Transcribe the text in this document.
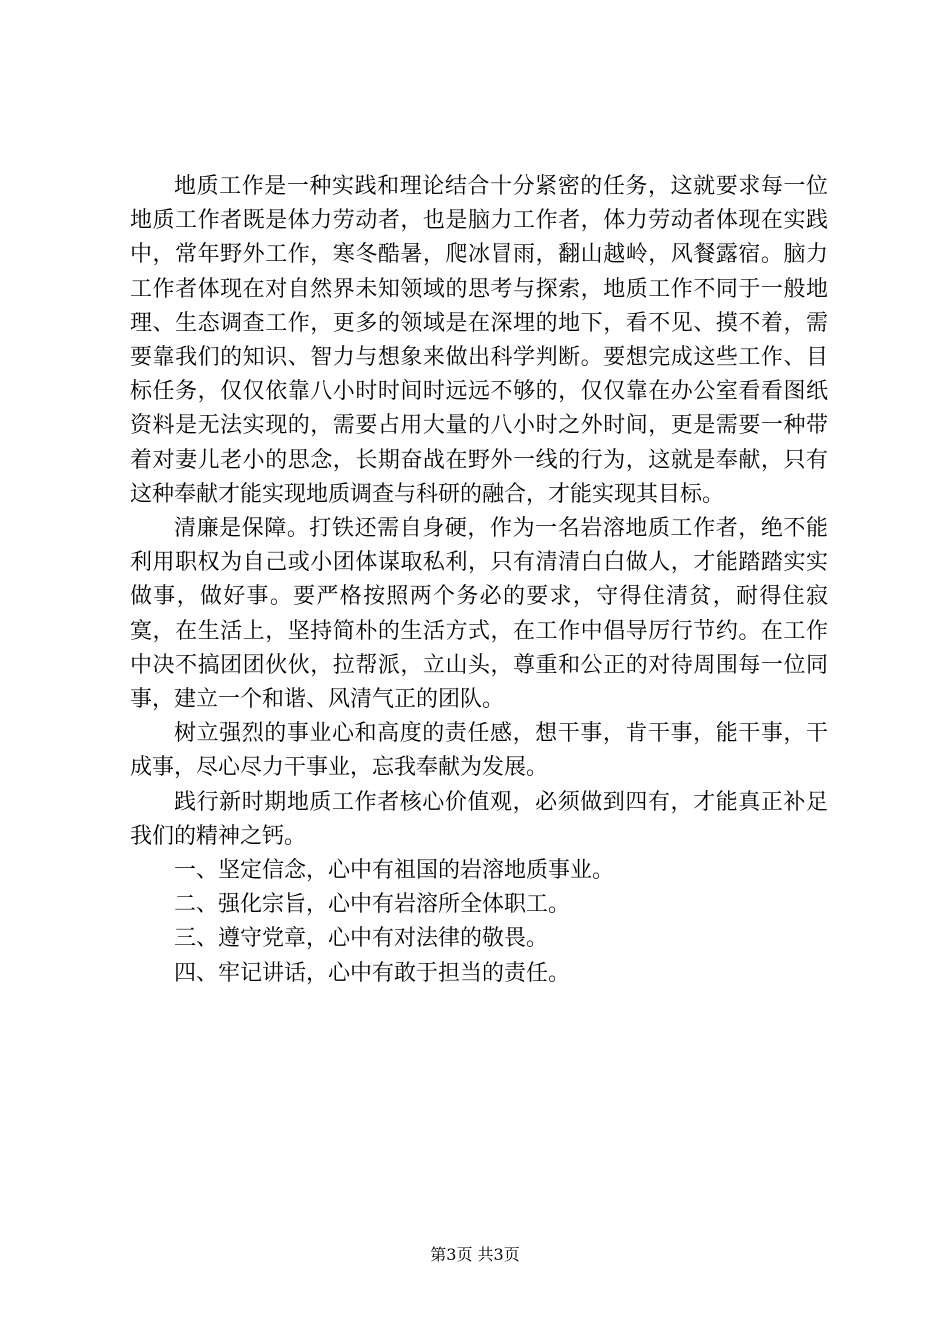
地质工作是一种实践和理论结合十分紧密的任务，这就要求每一位地质工作者既是体力劳动者，也是脑力工作者，体力劳动者体现在实践中，常年野外工作，寒冬酷暑，爬冰冒雨，翻山越岭，风餐露宿。脑力工作者体现在对自然界未知领域的思考与探索，地质工作不同于一般地理、生态调查工作，更多的领域是在深埋的地下，看不见、摸不着，需要靠我们的知识、智力与想象来做出科学判断。要想完成这些工作、目标任务，仅仅依靠八小时时间时远远不够的，仅仅靠在办公室看看图纸资料是无法实现的，需要占用大量的八小时之外时间，更是需要一种带着对妻儿老小的思念，长期奋战在野外一线的行为，这就是奉献，只有这种奉献才能实现地质调查与科研的融合，才能实现其目标。

清廉是保障。打铁还需自身硬，作为一名岩溶地质工作者，绝不能利用职权为自己或小团体谋取私利，只有清清白白做人，才能踏踏实实做事，做好事。要严格按照两个务必的要求，守得住清贫，耐得住寂寞，在生活上，坚持简朴的生活方式，在工作中倡导厉行节约。在工作中决不搞团团伙伙，拉帮派，立山头，尊重和公正的对待周围每一位同事，建立一个和谐、风清气正的团队。

树立强烈的事业心和高度的责任感，想干事，肯干事，能干事，干成事，尽心尽力干事业，忘我奉献为发展。

践行新时期地质工作者核心价值观，必须做到四有，才能真正补足我们的精神之钙。

一、坚定信念，心中有祖国的岩溶地质事业。

二、强化宗旨，心中有岩溶所全体职工。

三、遵守党章，心中有对法律的敬畏。

四、牢记讲话，心中有敢于担当的责任。

第3页 共3页
